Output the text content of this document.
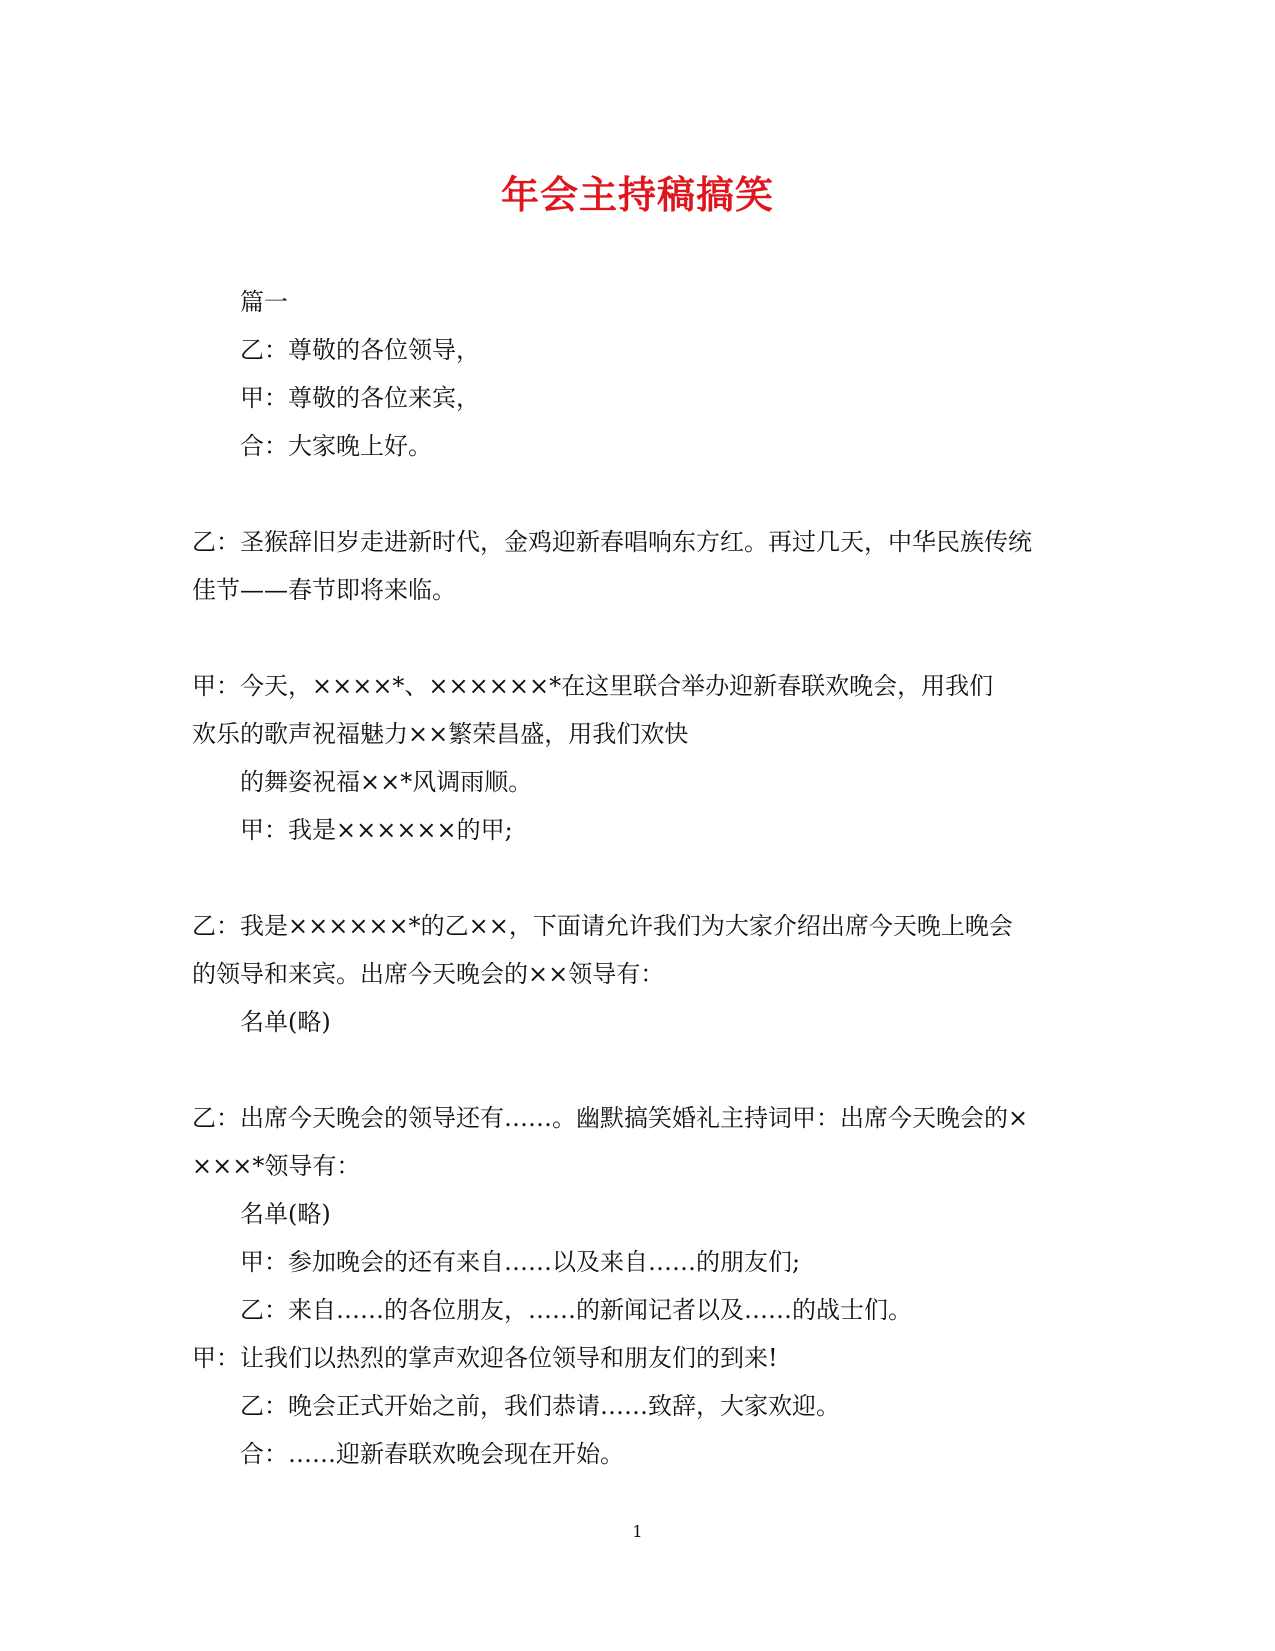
年会主持稿搞笑

篇一

乙：尊敬的各位领导，

甲：尊敬的各位来宾，

合：大家晚上好。

乙：圣猴辞旧岁走进新时代，金鸡迎新春唱响东方红。再过几天，中华民族传统

佳节——春节即将来临。

甲：今天，××××*、××××××*在这里联合举办迎新春联欢晚会，用我们

欢乐的歌声祝福魅力××繁荣昌盛，用我们欢快

的舞姿祝福××*风调雨顺。

甲：我是××××××的甲;

乙：我是××××××*的乙××，下面请允许我们为大家介绍出席今天晚上晚会

的领导和来宾。出席今天晚会的××领导有：

名单(略)

乙：出席今天晚会的领导还有……。幽默搞笑婚礼主持词甲：出席今天晚会的×

×××*领导有：

名单(略)

甲：参加晚会的还有来自……以及来自……的朋友们;

乙：来自……的各位朋友，……的新闻记者以及……的战士们。

甲：让我们以热烈的掌声欢迎各位领导和朋友们的到来!

乙：晚会正式开始之前，我们恭请……致辞，大家欢迎。

合：……迎新春联欢晚会现在开始。

1
